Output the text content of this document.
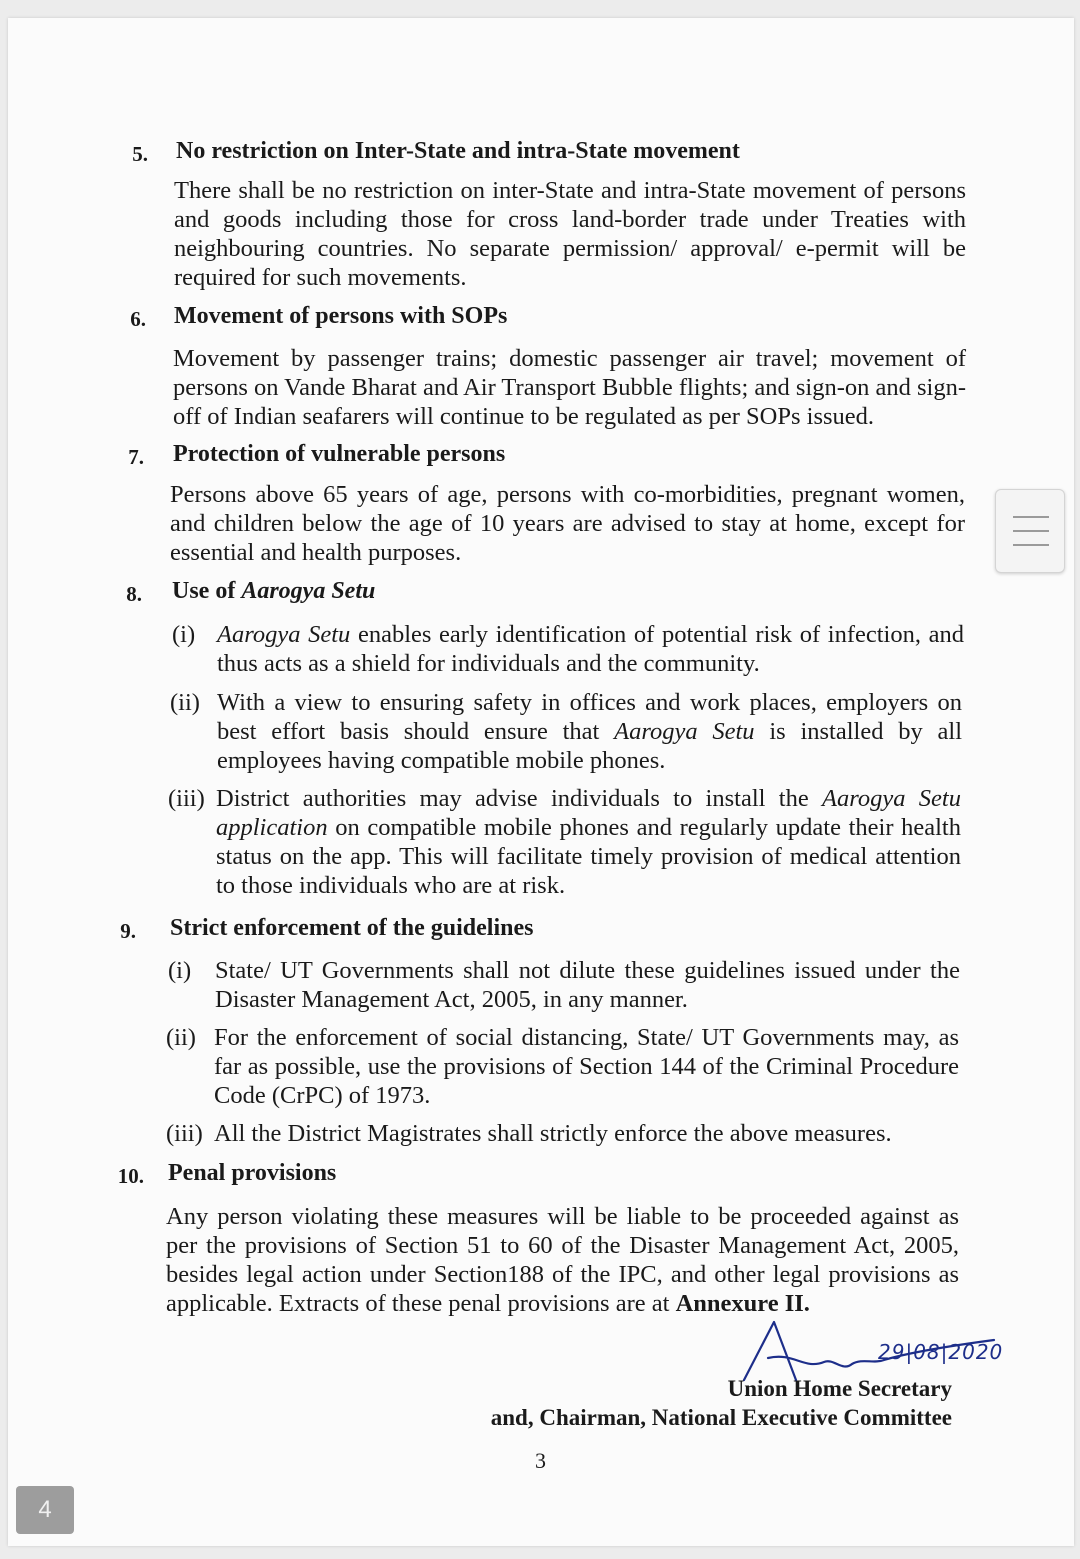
5. No restriction on Inter-State and intra-State movement
There shall be no restriction on inter-State and intra-State movement of persons and goods including those for cross land-border trade under Treaties with neighbouring countries. No separate permission/ approval/ e-permit will be required for such movements.
6. Movement of persons with SOPs
Movement by passenger trains; domestic passenger air travel; movement of persons on Vande Bharat and Air Transport Bubble flights; and sign-on and sign-off of Indian seafarers will continue to be regulated as per SOPs issued.
7. Protection of vulnerable persons
Persons above 65 years of age, persons with co-morbidities, pregnant women, and children below the age of 10 years are advised to stay at home, except for essential and health purposes.
8. Use of Aarogya Setu
(i) Aarogya Setu enables early identification of potential risk of infection, and thus acts as a shield for individuals and the community.
(ii) With a view to ensuring safety in offices and work places, employers on best effort basis should ensure that Aarogya Setu is installed by all employees having compatible mobile phones.
(iii) District authorities may advise individuals to install the Aarogya Setu application on compatible mobile phones and regularly update their health status on the app. This will facilitate timely provision of medical attention to those individuals who are at risk.
9. Strict enforcement of the guidelines
(i) State/ UT Governments shall not dilute these guidelines issued under the Disaster Management Act, 2005, in any manner.
(ii) For the enforcement of social distancing, State/ UT Governments may, as far as possible, use the provisions of Section 144 of the Criminal Procedure Code (CrPC) of 1973.
(iii) All the District Magistrates shall strictly enforce the above measures.
10. Penal provisions
Any person violating these measures will be liable to be proceeded against as per the provisions of Section 51 to 60 of the Disaster Management Act, 2005, besides legal action under Section188 of the IPC, and other legal provisions as applicable. Extracts of these penal provisions are at Annexure II.
29|08|2020
Union Home Secretary
and, Chairman, National Executive Committee
3
4
